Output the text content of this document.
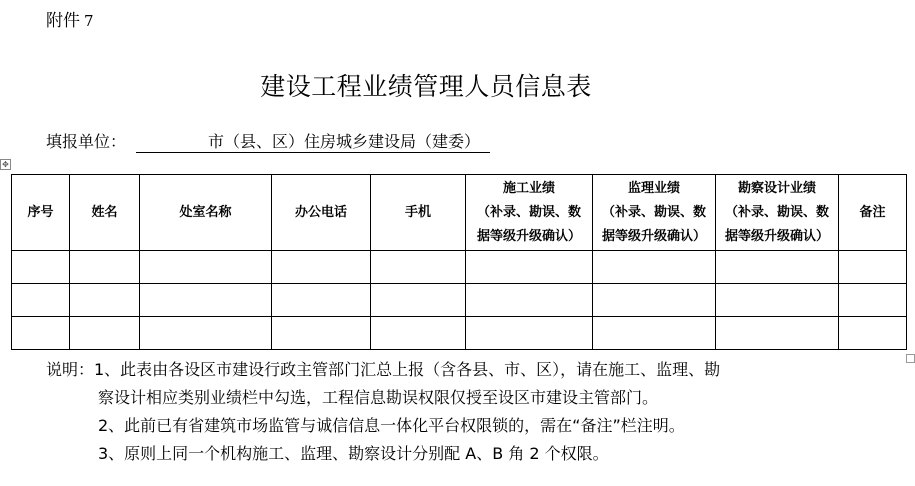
附件 7
建设工程业绩管理人员信息表
填报单位：	市（县、区）住房城乡建设局（建委）
✥
序号	姓名	处室名称	办公电话	手机	施工业绩
（补录、勘误、数
据等级升级确认）	监理业绩
（补录、勘误、数
据等级升级确认）	勘察设计业绩
（补录、勘误、数
据等级升级确认）	备注

说明：1、此表由各设区市建设行政主管部门汇总上报（含各县、市、区），请在施工、监理、勘
察设计相应类别业绩栏中勾选，工程信息勘误权限仅授至设区市建设主管部门。
2、此前已有省建筑市场监管与诚信信息一体化平台权限锁的，需在“备注”栏注明。
3、原则上同一个机构施工、监理、勘察设计分别配 A、B 角 2 个权限。
